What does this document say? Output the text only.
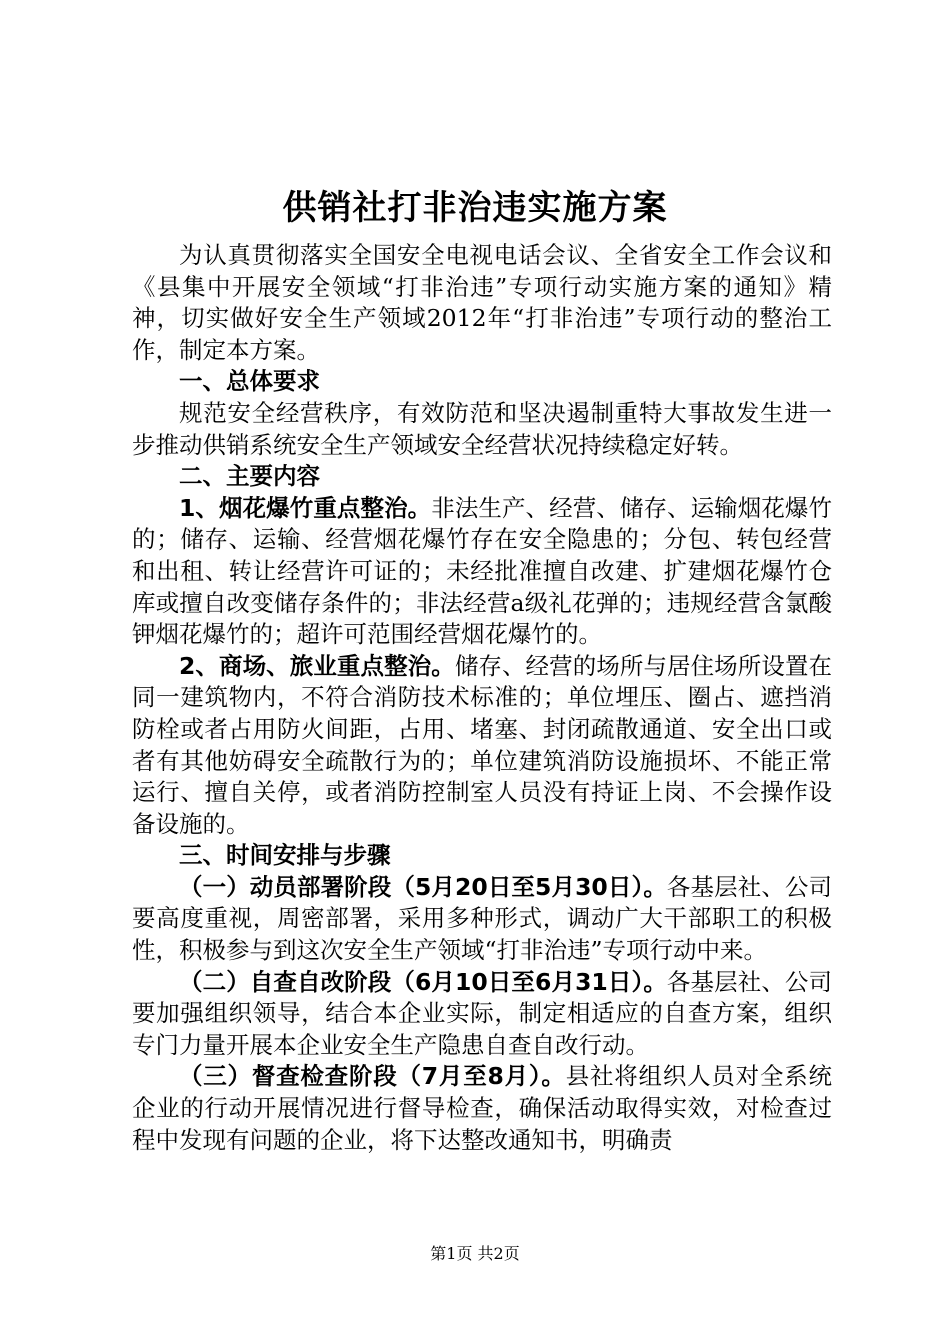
供销社打非治违实施方案

为认真贯彻落实全国安全电视电话会议、全省安全工作会议和《县集中开展安全领域“打非治违”专项行动实施方案的通知》精神，切实做好安全生产领域2012年“打非治违”专项行动的整治工作，制定本方案。

一、总体要求

规范安全经营秩序，有效防范和坚决遏制重特大事故发生进一步推动供销系统安全生产领域安全经营状况持续稳定好转。

二、主要内容

1、烟花爆竹重点整治。非法生产、经营、储存、运输烟花爆竹的；储存、运输、经营烟花爆竹存在安全隐患的；分包、转包经营和出租、转让经营许可证的；未经批准擅自改建、扩建烟花爆竹仓库或擅自改变储存条件的；非法经营a级礼花弹的；违规经营含氯酸钾烟花爆竹的；超许可范围经营烟花爆竹的。

2、商场、旅业重点整治。储存、经营的场所与居住场所设置在同一建筑物内，不符合消防技术标准的；单位埋压、圈占、遮挡消防栓或者占用防火间距，占用、堵塞、封闭疏散通道、安全出口或者有其他妨碍安全疏散行为的；单位建筑消防设施损坏、不能正常运行、擅自关停，或者消防控制室人员没有持证上岗、不会操作设备设施的。

三、时间安排与步骤

（一）动员部署阶段（5月20日至5月30日）。各基层社、公司要高度重视，周密部署，采用多种形式，调动广大干部职工的积极性，积极参与到这次安全生产领域“打非治违”专项行动中来。

（二）自查自改阶段（6月10日至6月31日）。各基层社、公司要加强组织领导，结合本企业实际，制定相适应的自查方案，组织专门力量开展本企业安全生产隐患自查自改行动。

（三）督查检查阶段（7月至8月）。县社将组织人员对全系统企业的行动开展情况进行督导检查，确保活动取得实效，对检查过程中发现有问题的企业，将下达整改通知书，明确责

第1页 共2页
